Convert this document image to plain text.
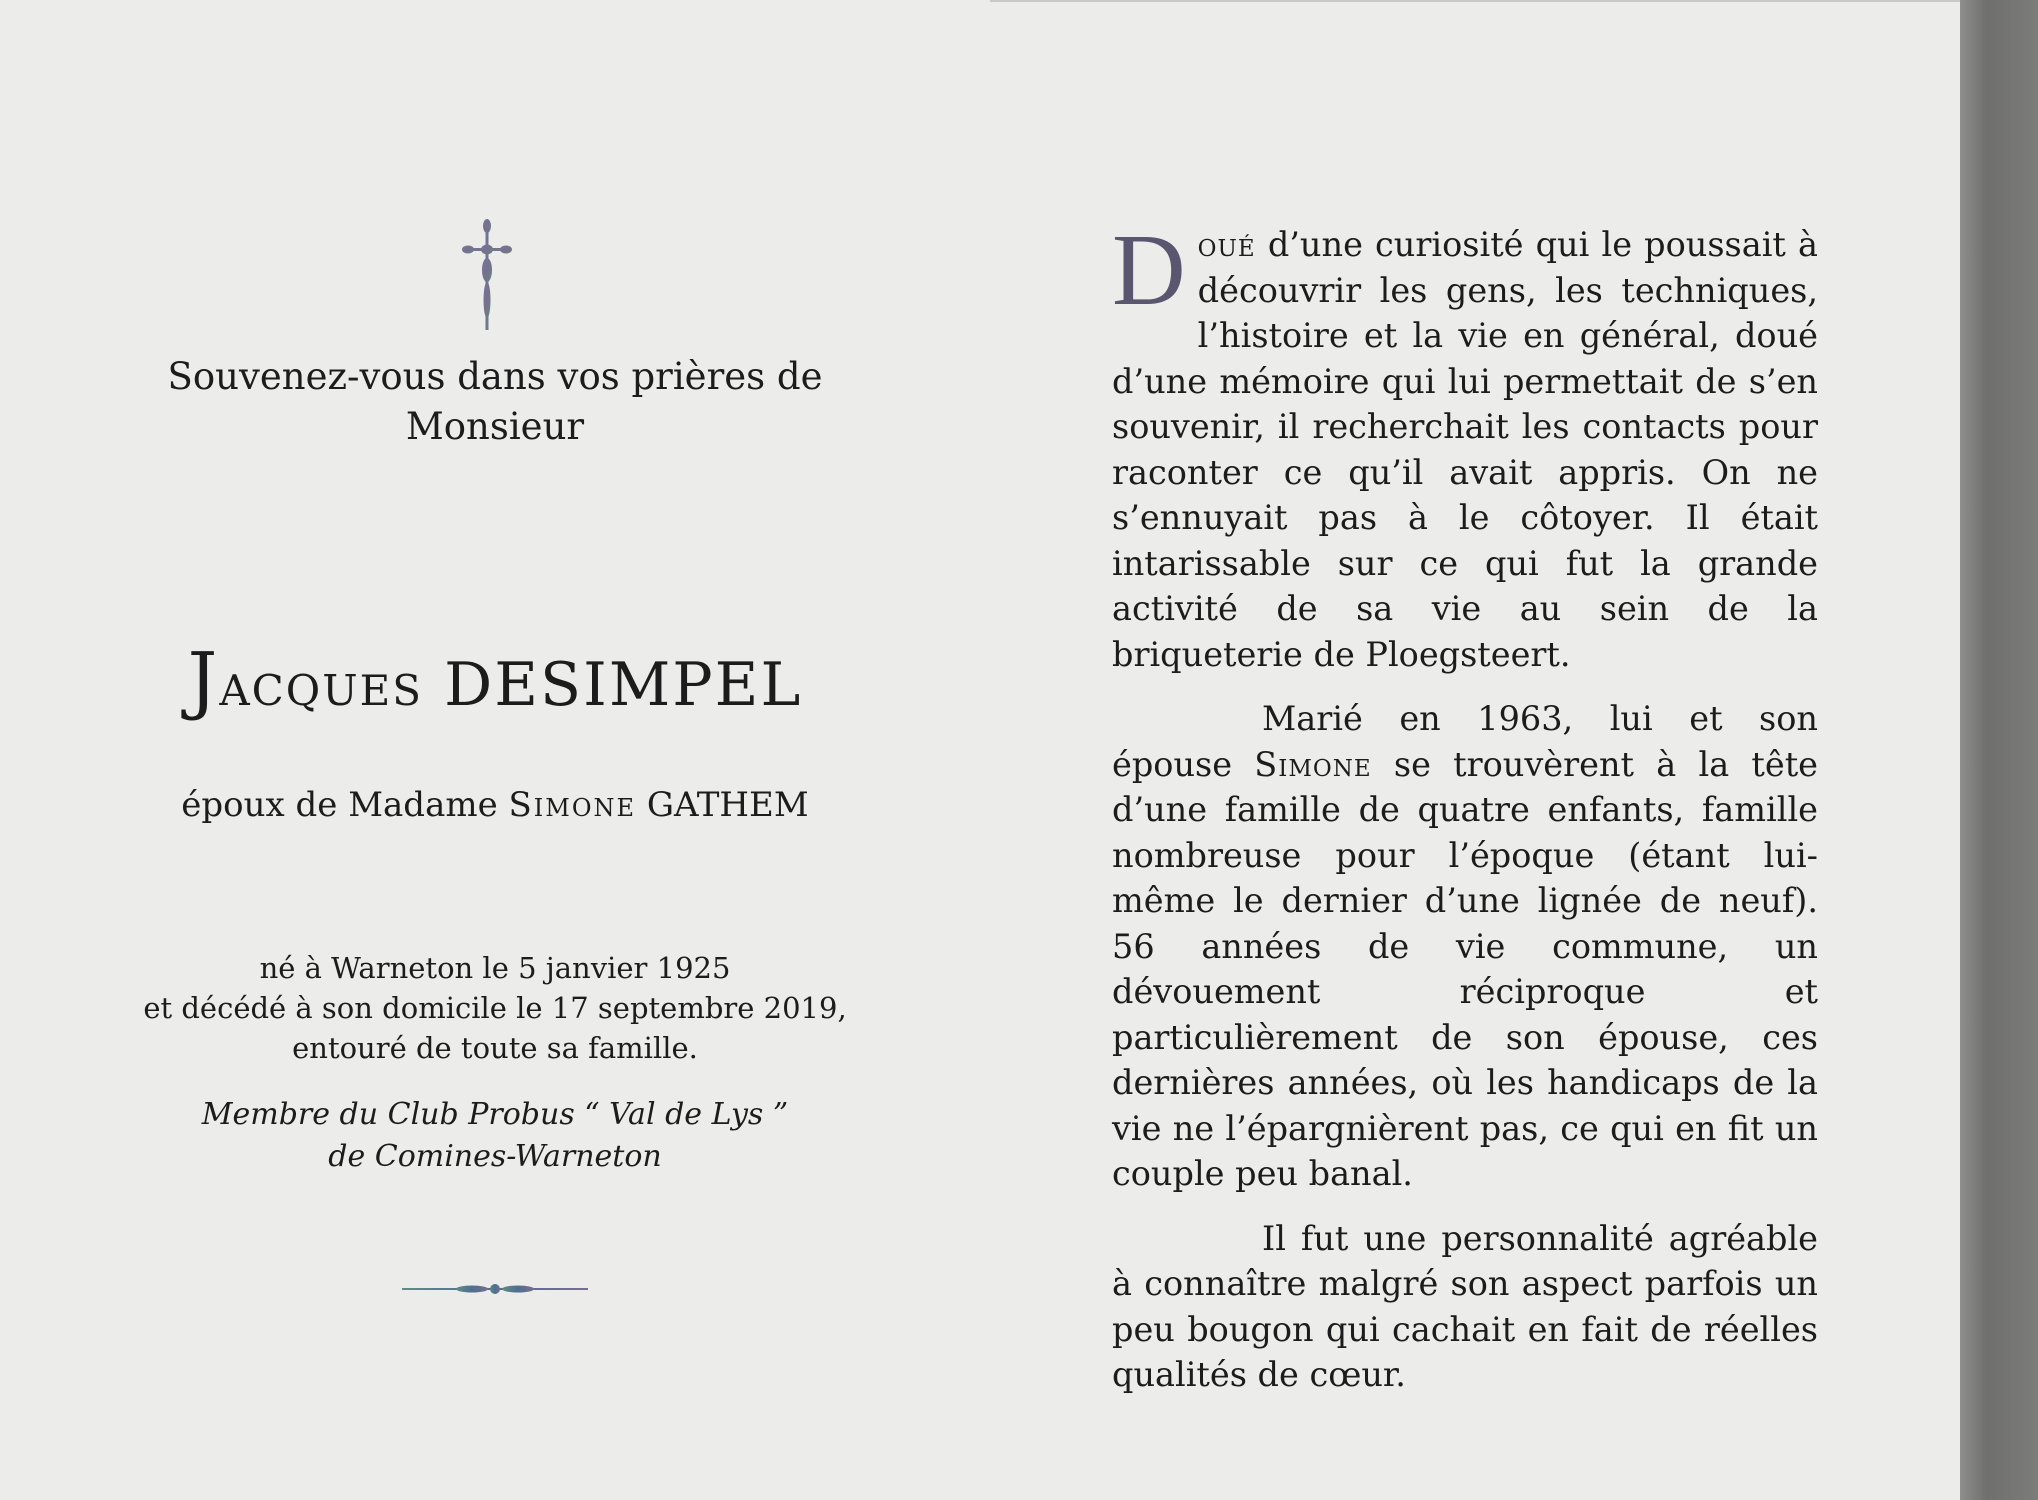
Souvenez-vous dans vos prières de
Monsieur
Jacques DESIMPEL
époux de Madame Simone GATHEM
né à Warneton le 5 janvier 1925
et décédé à son domicile le 17 septembre 2019,
entouré de toute sa famille.
Membre du Club Probus “ Val de Lys ”
de Comines-Warneton

Doué d’une curiosité qui le poussait à découvrir les gens, les techniques, l’histoire et la vie en général, doué d’une mémoire qui lui permettait de s’en souvenir, il recherchait les contacts pour raconter ce qu’il avait appris. On ne s’ennuyait pas à le côtoyer. Il était intarissable sur ce qui fut la grande activité de sa vie au sein de la briqueterie de Ploegsteert.

Marié en 1963, lui et son épouse Simone se trouvèrent à la tête d’une famille de quatre enfants, famille nombreuse pour l’époque (étant lui-même le dernier d’une lignée de neuf). 56 années de vie commune, un dévouement réciproque et particulièrement de son épouse, ces dernières années, où les handicaps de la vie ne l’épargnièrent pas, ce qui en fit un couple peu banal.

Il fut une personnalité agréable à connaître malgré son aspect parfois un peu bougon qui cachait en fait de réelles qualités de cœur.
